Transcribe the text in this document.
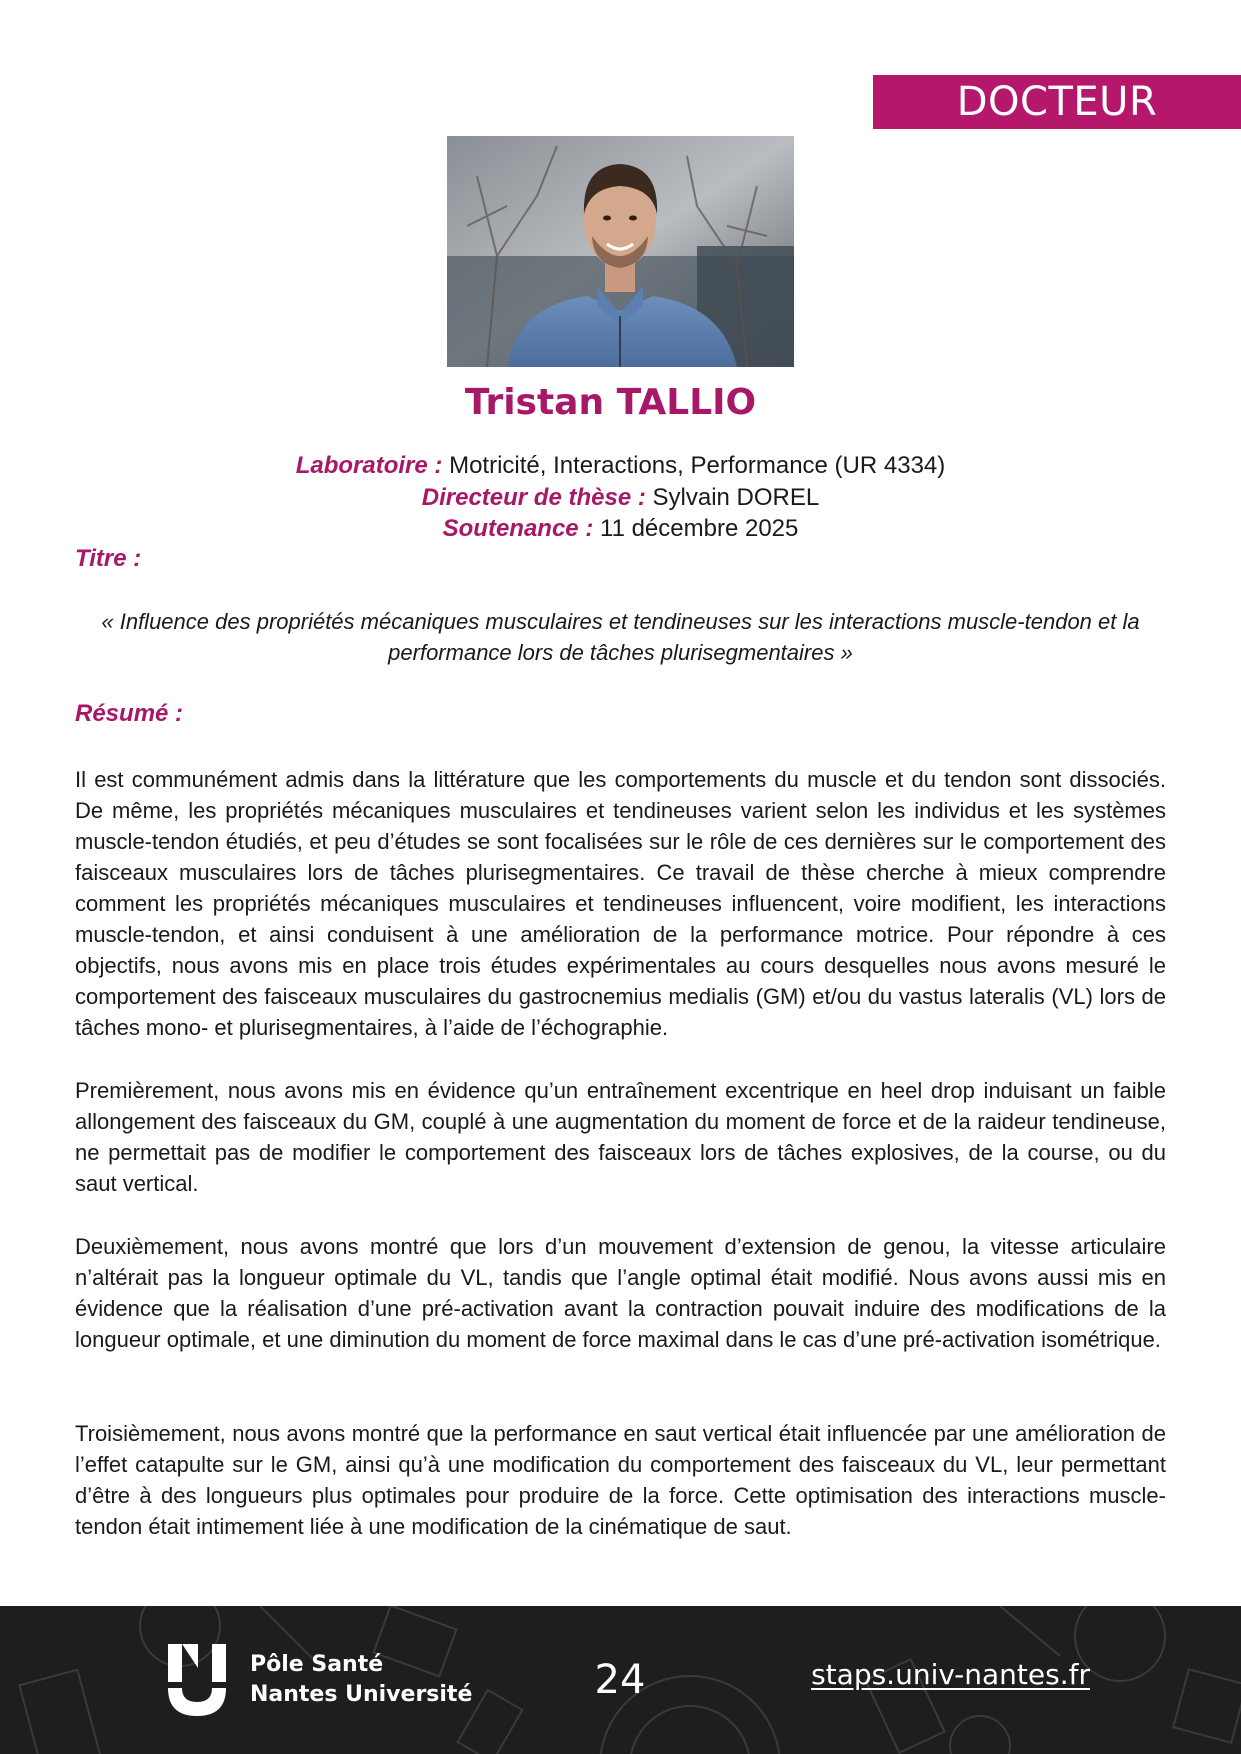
DOCTEUR
Tristan TALLIO
Laboratoire : Motricité, Interactions, Performance (UR 4334)
Directeur de thèse : Sylvain DOREL
Soutenance : 11 décembre 2025
Titre :
« Influence des propriétés mécaniques musculaires et tendineuses sur les interactions muscle-tendon et la performance lors de tâches plurisegmentaires »
Résumé :

Il est communément admis dans la littérature que les comportements du muscle et du tendon sont dissociés. De même, les propriétés mécaniques musculaires et tendineuses varient selon les individus et les systèmes muscle-tendon étudiés, et peu d’études se sont focalisées sur le rôle de ces dernières sur le comportement des faisceaux musculaires lors de tâches plurisegmentaires. Ce travail de thèse cherche à mieux comprendre comment les propriétés mécaniques musculaires et tendineuses influencent, voire modifient, les interactions muscle-tendon, et ainsi conduisent à une amélioration de la performance motrice. Pour répondre à ces objectifs, nous avons mis en place trois études expérimentales au cours desquelles nous avons mesuré le comportement des faisceaux musculaires du gastrocnemius medialis (GM) et/ou du vastus lateralis (VL) lors de tâches mono- et plurisegmentaires, à l’aide de l’échographie.

Premièrement, nous avons mis en évidence qu’un entraînement excentrique en heel drop induisant un faible allongement des faisceaux du GM, couplé à une augmentation du moment de force et de la raideur tendineuse, ne permettait pas de modifier le comportement des faisceaux lors de tâches explosives, de la course, ou du saut vertical.

Deuxièmement, nous avons montré que lors d’un mouvement d’extension de genou, la vitesse articulaire n’altérait pas la longueur optimale du VL, tandis que l’angle optimal était modifié. Nous avons aussi mis en évidence que la réalisation d’une pré-activation avant la contraction pouvait induire des modifications de la longueur optimale, et une diminution du moment de force maximal dans le cas d’une pré-activation isométrique.

Troisièmement, nous avons montré que la performance en saut vertical était influencée par une amélioration de l’effet catapulte sur le GM, ainsi qu’à une modification du comportement des faisceaux du VL, leur permettant d’être à des longueurs plus optimales pour produire de la force. Cette optimisation des interactions muscle- tendon était intimement liée à une modification de la cinématique de saut.

Pôle Santé
Nantes Université	24	staps.univ-nantes.fr
